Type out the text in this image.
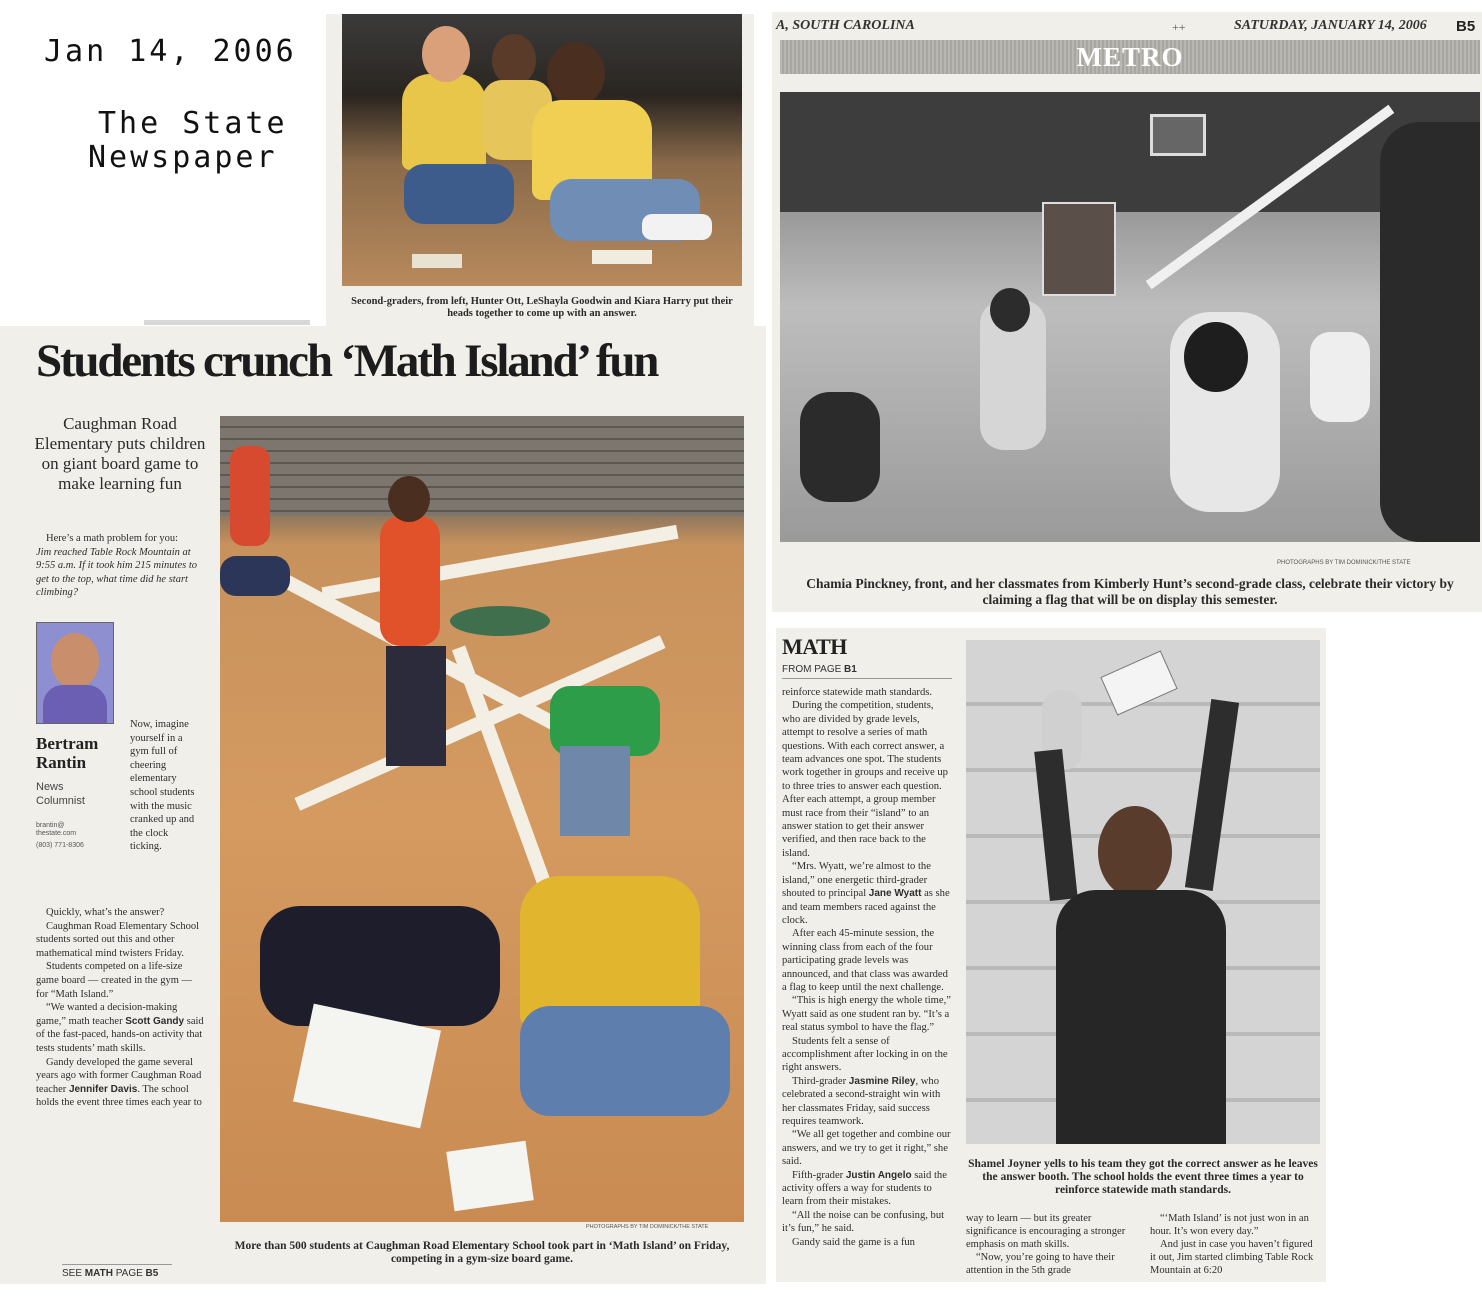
Jan 14, 2006
The State
Newspaper
Second-graders, from left, Hunter Ott, LeShayla Goodwin and Kiara Harry put their heads together to come up with an answer.
Students crunch ‘Math Island’ fun
Caughman Road Elementary puts children on giant board game to make learning fun

Here’s a math problem for you:

Jim reached Table Rock Mountain at 9:55 a.m. If it took him 215 minutes to get to the top, what time did he start climbing?

Bertram Rantin
News Columnist
brantin@ thestate.com
(803) 771-8306

Now, imagine yourself in a gym full of cheering elementary school students with the music cranked up and the clock ticking.

Quickly, what’s the answer?

Caughman Road Elementary School students sorted out this and other mathematical mind twisters Friday.

Students competed on a life-size game board — created in the gym — for “Math Island.”

“We wanted a decision-making game,” math teacher Scott Gandy said of the fast-paced, hands-on activity that tests students’ math skills.

Gandy developed the game several years ago with former Caughman Road teacher Jennifer Davis. The school holds the event three times each year to

SEE MATH PAGE B5
PHOTOGRAPHS BY TIM DOMINICK/THE STATE
More than 500 students at Caughman Road Elementary School took part in ‘Math Island’ on Friday, competing in a gym-size board game.
A, SOUTH CAROLINA	++	SATURDAY, JANUARY 14, 2006 B5
METRO
PHOTOGRAPHS BY TIM DOMINICK/THE STATE
Chamia Pinckney, front, and her classmates from Kimberly Hunt’s second-grade class, celebrate their victory by claiming a flag that will be on display this semester.
MATH
FROM PAGE B1

reinforce statewide math standards.

During the competition, students, who are divided by grade levels, attempt to resolve a series of math questions. With each correct answer, a team advances one spot. The students work together in groups and receive up to three tries to answer each question. After each attempt, a group member must race from their “island” to an answer station to get their answer verified, and then race back to the island.

“Mrs. Wyatt, we’re almost to the island,” one energetic third-grader shouted to principal Jane Wyatt as she and team members raced against the clock.

After each 45-minute session, the winning class from each of the four participating grade levels was announced, and that class was awarded a flag to keep until the next challenge.

“This is high energy the whole time,” Wyatt said as one student ran by. “It’s a real status symbol to have the flag.”

Students felt a sense of accomplishment after locking in on the right answers.

Third-grader Jasmine Riley, who celebrated a second-straight win with her classmates Friday, said success requires teamwork.

“We all get together and combine our answers, and we try to get it right,” she said.

Fifth-grader Justin Angelo said the activity offers a way for students to learn from their mistakes.

“All the noise can be confusing, but it’s fun,” he said.

Gandy said the game is a fun

Shamel Joyner yells to his team they got the correct answer as he leaves the answer booth. The school holds the event three times a year to reinforce statewide math standards.

way to learn — but its greater significance is encouraging a stronger emphasis on math skills.

“Now, you’re going to have their attention in the 5th grade

“‘Math Island’ is not just won in an hour. It’s won every day.”

And just in case you haven’t figured it out, Jim started climbing Table Rock Mountain at 6:20
